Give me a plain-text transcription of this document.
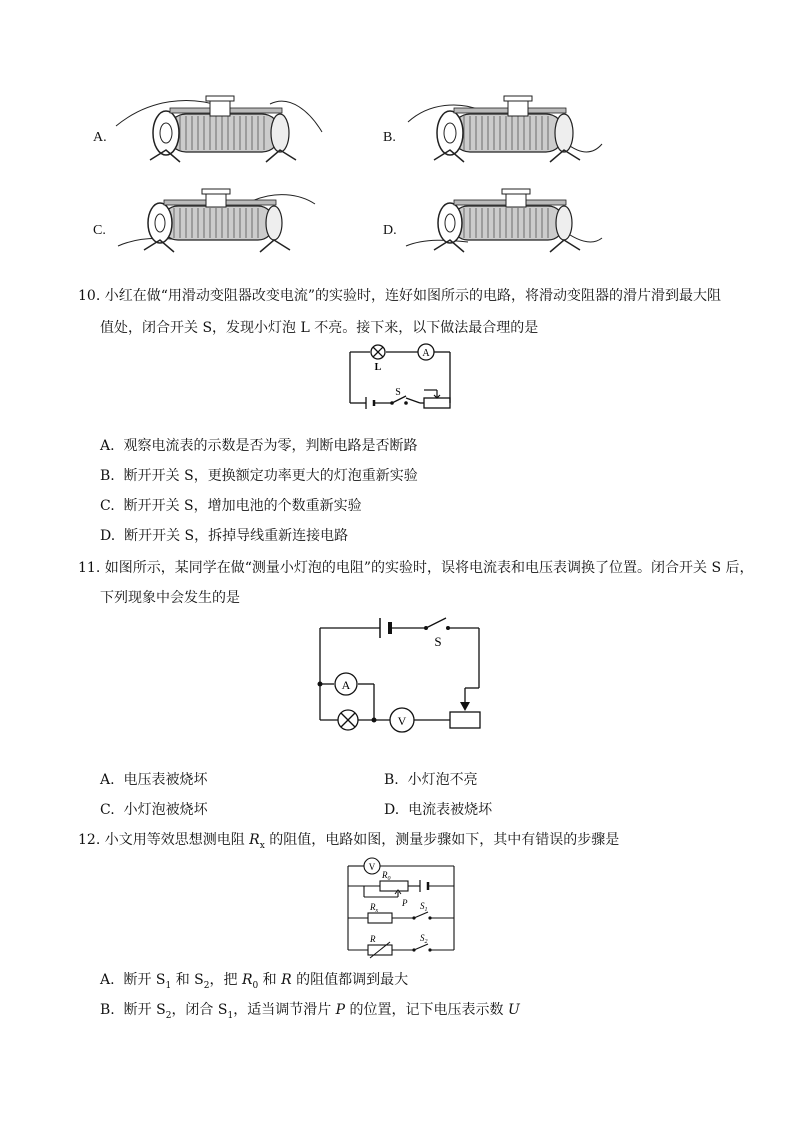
A.	B.
C.	D.
10. 小红在做“用滑动变阻器改变电流”的实验时，连好如图所示的电路，将滑动变阻器的滑片滑到最大阻
值处，闭合开关 S，发现小灯泡 L 不亮。接下来，以下做法最合理的是
A
L
S
A. 观察电流表的示数是否为零，判断电路是否断路
B. 断开开关 S，更换额定功率更大的灯泡重新实验
C. 断开开关 S，增加电池的个数重新实验
D. 断开开关 S，拆掉导线重新连接电路
11. 如图所示，某同学在做“测量小灯泡的电阻”的实验时，误将电流表和电压表调换了位置。闭合开关 S 后，
下列现象中会发生的是
S
A
V
A. 电压表被烧坏	B. 小灯泡不亮
C. 小灯泡被烧坏	D. 电流表被烧坏
12. 小文用等效思想测电阻 $R_x$ 的阻值，电路如图，测量步骤如下，其中有错误的步骤是
V
$R_0$
P
$R_x$
R
$S_1$
$S_2$
A. 断开 $S_1$ 和 $S_2$，把 $R_0$ 和 R 的阻值都调到最大
B. 断开 $S_2$，闭合 $S_1$，适当调节滑片 P 的位置，记下电压表示数 U
